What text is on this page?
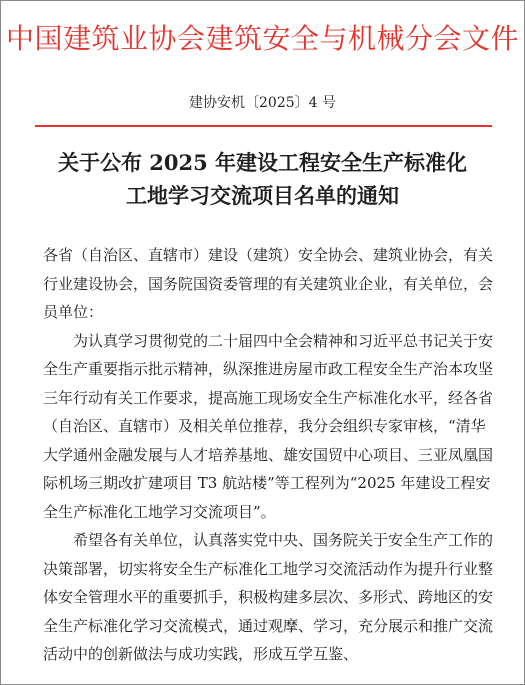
中国建筑业协会建筑安全与机械分会文件
建协安机〔2025〕4 号
关于公布 2025 年建设工程安全生产标准化
工地学习交流项目名单的通知

各省（自治区、直辖市）建设（建筑）安全协会、建筑业协会，有关行业建设协会，国务院国资委管理的有关建筑业企业，有关单位，会员单位：

为认真学习贯彻党的二十届四中全会精神和习近平总书记关于安全生产重要指示批示精神，纵深推进房屋市政工程安全生产治本攻坚三年行动有关工作要求，提高施工现场安全生产标准化水平，经各省（自治区、直辖市）及相关单位推荐，我分会组织专家审核，“清华大学通州金融发展与人才培养基地、雄安国贸中心项目、三亚凤凰国际机场三期改扩建项目 T3 航站楼”等工程列为“2025 年建设工程安全生产标准化工地学习交流项目”。

希望各有关单位，认真落实党中央、国务院关于安全生产工作的决策部署，切实将安全生产标准化工地学习交流活动作为提升行业整体安全管理水平的重要抓手，积极构建多层次、多形式、跨地区的安全生产标准化学习交流模式，通过观摩、学习，充分展示和推广交流活动中的创新做法与成功实践，形成互学互鉴、
